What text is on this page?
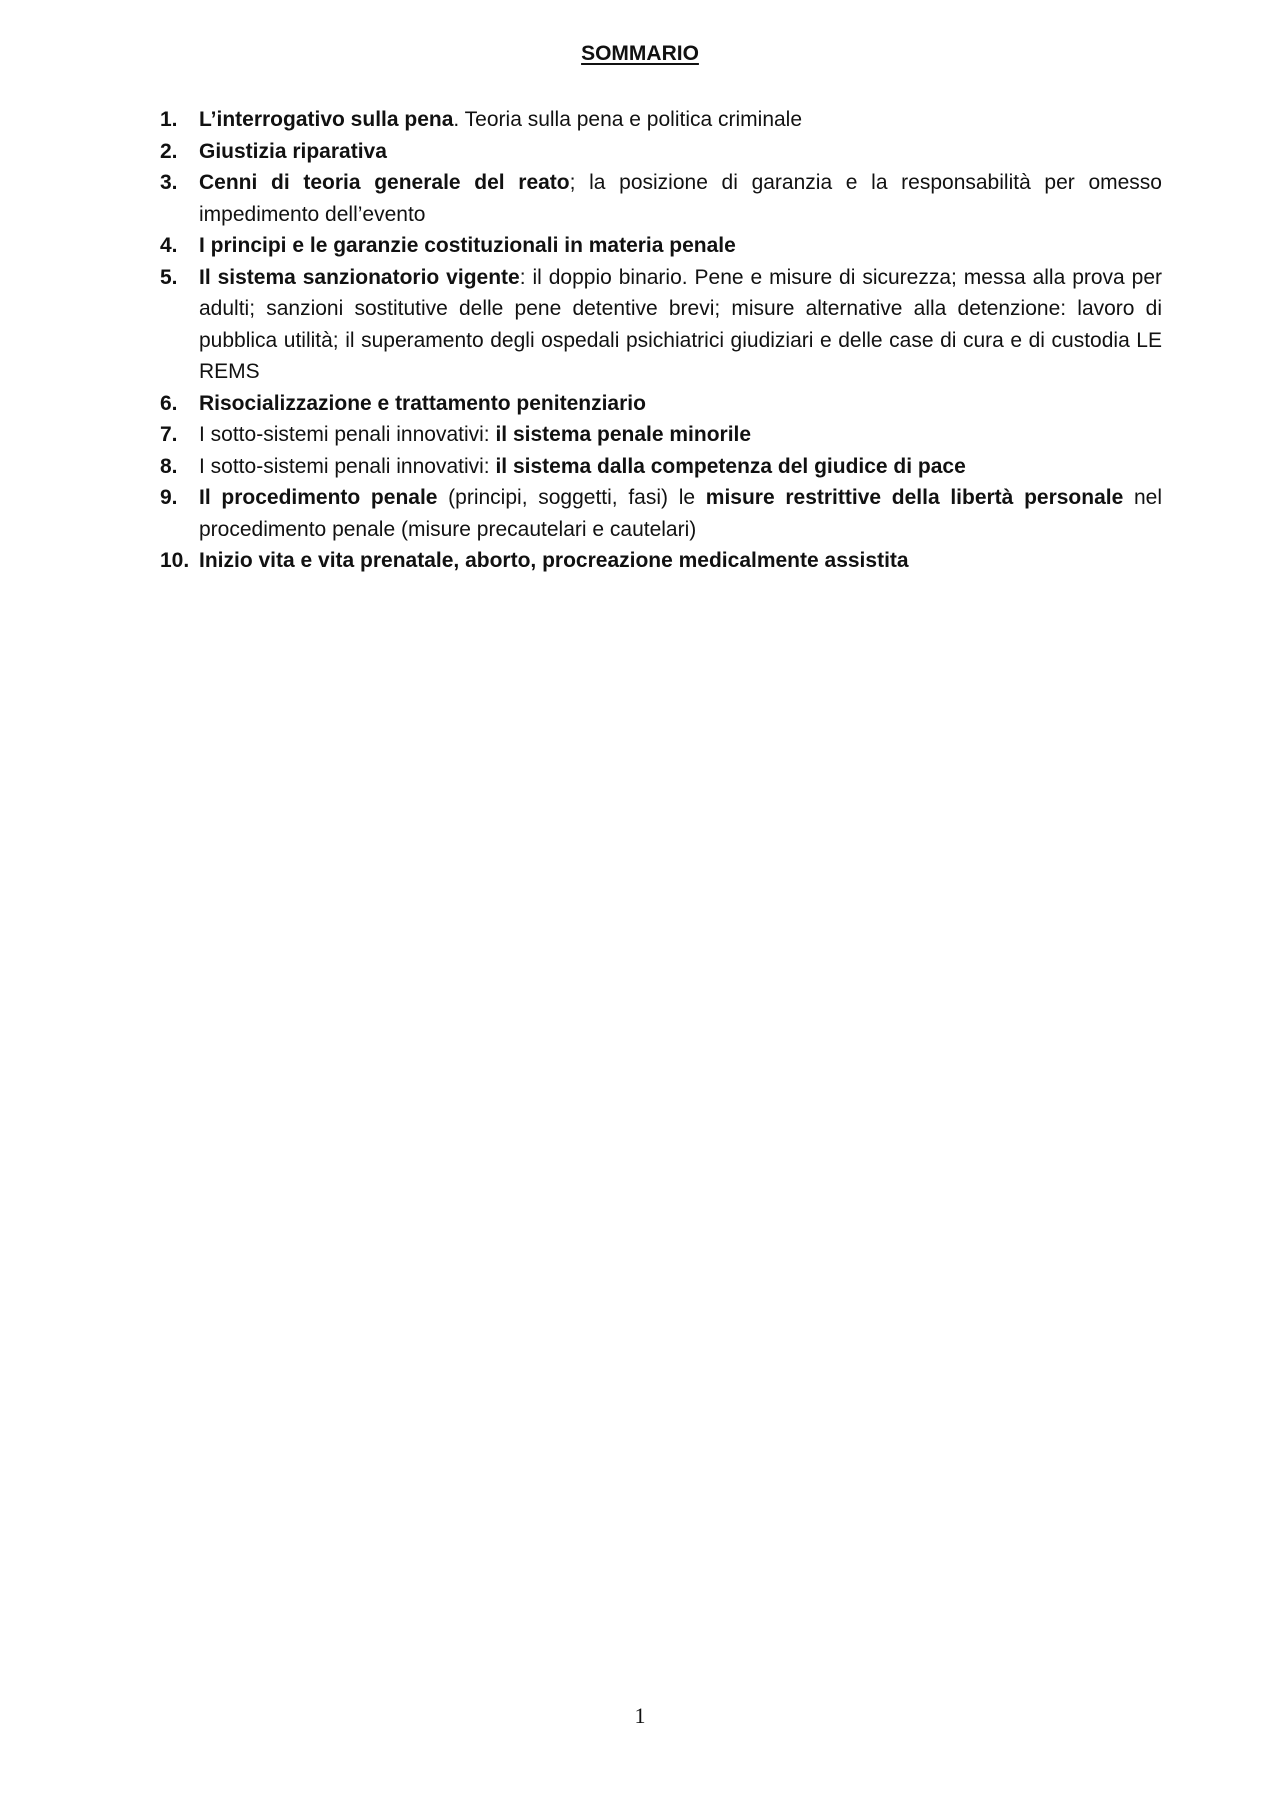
SOMMARIO
1. L’interrogativo sulla pena. Teoria sulla pena e politica criminale
2. Giustizia riparativa
3. Cenni di teoria generale del reato; la posizione di garanzia e la responsabilità per omesso impedimento dell’evento
4. I principi e le garanzie costituzionali in materia penale
5. Il sistema sanzionatorio vigente: il doppio binario. Pene e misure di sicurezza; messa alla prova per adulti; sanzioni sostitutive delle pene detentive brevi; misure alternative alla detenzione: lavoro di pubblica utilità; il superamento degli ospedali psichiatrici giudiziari e delle case di cura e di custodia LE REMS
6. Risocializzazione e trattamento penitenziario
7. I sotto-sistemi penali innovativi: il sistema penale minorile
8. I sotto-sistemi penali innovativi: il sistema dalla competenza del giudice di pace
9. Il procedimento penale (principi, soggetti, fasi) le misure restrittive della libertà personale nel procedimento penale (misure precautelari e cautelari)
10. Inizio vita e vita prenatale, aborto, procreazione medicalmente assistita
1
